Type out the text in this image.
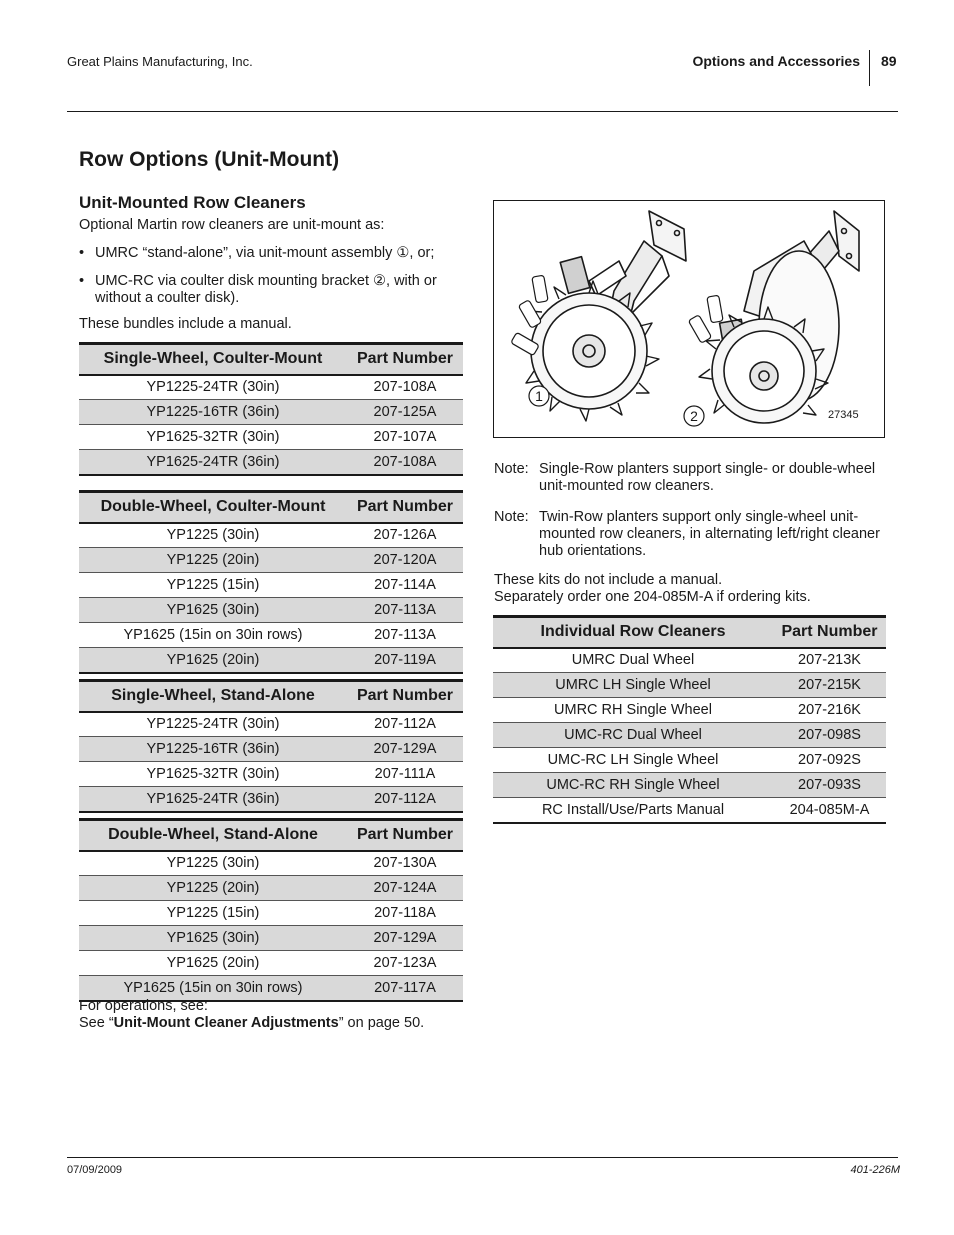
Great Plains Manufacturing, Inc.	Options and Accessories 89
Row Options (Unit-Mount)
Unit-Mounted Row Cleaners
Optional Martin row cleaners are unit-mount as:
• UMRC “stand-alone”, via unit-mount assembly ①, or;
• UMC-RC via coulter disk mounting bracket ②, with or without a coulter disk).
These bundles include a manual.
Single-Wheel, Coulter-Mount	Part Number
YP1225-24TR (30in)	207-108A
YP1225-16TR (36in)	207-125A
YP1625-32TR (30in)	207-107A
YP1625-24TR (36in)	207-108A
Double-Wheel, Coulter-Mount	Part Number
YP1225 (30in)	207-126A
YP1225 (20in)	207-120A
YP1225 (15in)	207-114A
YP1625 (30in)	207-113A
YP1625 (15in on 30in rows)	207-113A
YP1625 (20in)	207-119A
Single-Wheel, Stand-Alone	Part Number
YP1225-24TR (30in)	207-112A
YP1225-16TR (36in)	207-129A
YP1625-32TR (30in)	207-111A
YP1625-24TR (36in)	207-112A
Double-Wheel, Stand-Alone	Part Number
YP1225 (30in)	207-130A
YP1225 (20in)	207-124A
YP1225 (15in)	207-118A
YP1625 (30in)	207-129A
YP1625 (20in)	207-123A
YP1625 (15in on 30in rows)	207-117A
For operations, see:
See “Unit-Mount Cleaner Adjustments” on page 50.
1
2	27345
Note: Single-Row planters support single- or double-wheel unit-mounted row cleaners.
Note: Twin-Row planters support only single-wheel unit-mounted row cleaners, in alternating left/right cleaner hub orientations.
These kits do not include a manual.
Separately order one 204-085M-A if ordering kits.
Individual Row Cleaners	Part Number
UMRC Dual Wheel	207-213K
UMRC LH Single Wheel	207-215K
UMRC RH Single Wheel	207-216K
UMC-RC Dual Wheel	207-098S
UMC-RC LH Single Wheel	207-092S
UMC-RC RH Single Wheel	207-093S
RC Install/Use/Parts Manual	204-085M-A
07/09/2009	401-226M
